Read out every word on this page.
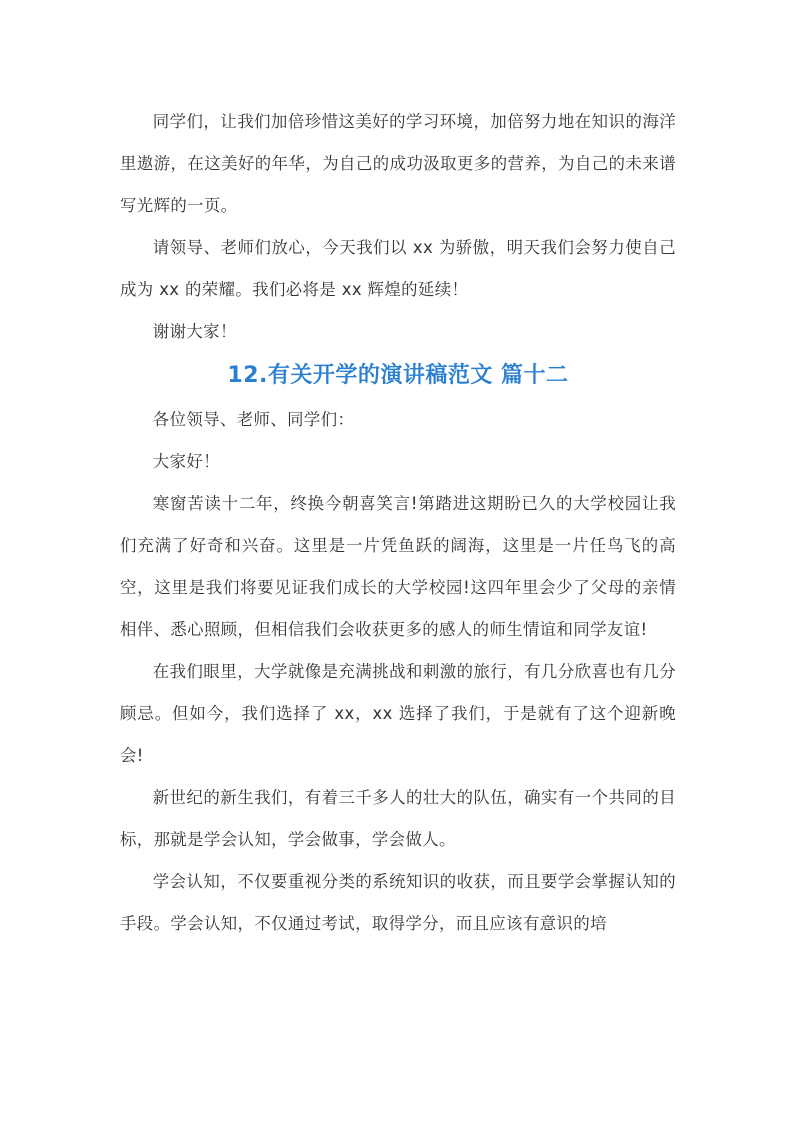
同学们，让我们加倍珍惜这美好的学习环境，加倍努力地在知识的海洋里遨游，在这美好的年华，为自己的成功汲取更多的营养，为自己的未来谱写光辉的一页。

请领导、老师们放心，今天我们以 xx 为骄傲，明天我们会努力使自己成为 xx 的荣耀。我们必将是 xx 辉煌的延续！

谢谢大家！

12.有关开学的演讲稿范文 篇十二

各位领导、老师、同学们：

大家好！

寒窗苦读十二年，终换今朝喜笑言!第踏进这期盼已久的大学校园让我们充满了好奇和兴奋。这里是一片凭鱼跃的阔海，这里是一片任鸟飞的高空，这里是我们将要见证我们成长的大学校园!这四年里会少了父母的亲情相伴、悉心照顾，但相信我们会收获更多的感人的师生情谊和同学友谊!

在我们眼里，大学就像是充满挑战和刺激的旅行，有几分欣喜也有几分顾忌。但如今，我们选择了 xx，xx 选择了我们，于是就有了这个迎新晚会!

新世纪的新生我们，有着三千多人的壮大的队伍，确实有一个共同的目标，那就是学会认知，学会做事，学会做人。

学会认知，不仅要重视分类的系统知识的收获，而且要学会掌握认知的手段。学会认知，不仅通过考试，取得学分，而且应该有意识的培
